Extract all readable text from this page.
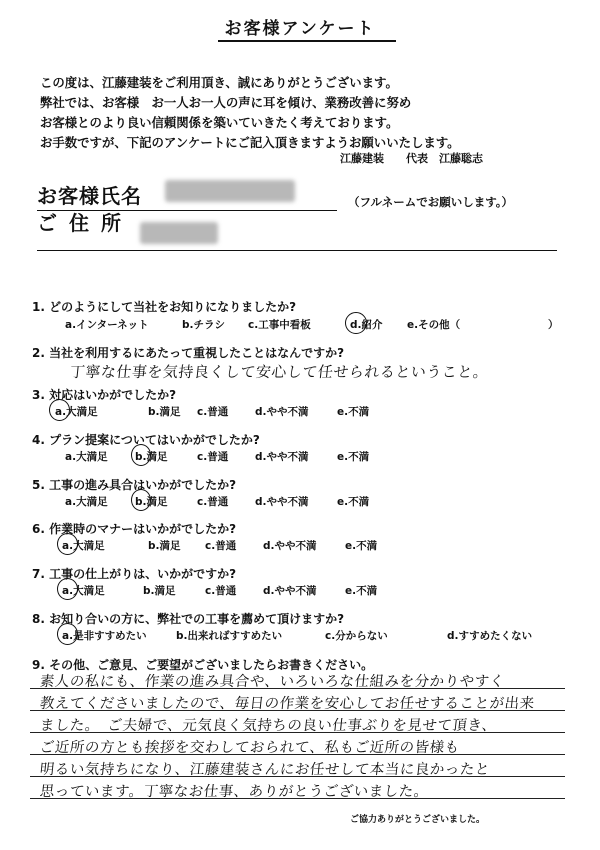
お客様アンケート
この度は、江藤建装をご利用頂き、誠にありがとうございます。
弊社では、お客様　お一人お一人の声に耳を傾け、業務改善に努め
お客様とのより良い信頼関係を築いていきたく考えております。
お手数ですが、下記のアンケートにご記入頂きますようお願いいたします。
江藤建装　　代表　江藤聡志
お客様氏名	（フルネームでお願いします。）
ご住所
1. どのようにして当社をお知りになりましたか?
a.インターネット	b.チラシ c.工事中看板	d.紹介 e.その他（	）
2. 当社を利用するにあたって重視したことはなんですか?
丁寧な仕事を気持良くして安心して任せられるということ。
3. 対応はいかがでしたか?
a.大満足	b.満足 c.普通	d.やや不満	e.不満
4. プラン提案についてはいかがでしたか?
a.大満足	b.満足	c.普通	d.やや不満	e.不満
5. 工事の進み具合はいかがでしたか?
a.大満足	b.満足	c.普通	d.やや不満	e.不満
6. 作業時のマナーはいかがでしたか?
a.大満足	b.満足 c.普通	d.やや不満	e.不満
7. 工事の仕上がりは、いかがですか?
a.大満足	b.満足	c.普通	d.やや不満	e.不満
8. お知り合いの方に、弊社での工事を薦めて頂けますか?
a.是非すすめたい	b.出来ればすすめたい	c.分からない	d.すすめたくない
9. その他、ご意見、ご要望がございましたらお書きください。
素人の私にも、作業の進み具合や、いろいろな仕組みを分かりやすく
教えてくださいましたので、毎日の作業を安心してお任せすることが出来
ました。　ご夫婦で、元気良く気持ちの良い仕事ぶりを見せて頂き、
ご近所の方とも挨拶を交わしておられて、私もご近所の皆様も
明るい気持ちになり、江藤建装さんにお任せして本当に良かったと
思っています。丁寧なお仕事、ありがとうございました。
ご協力ありがとうございました。
